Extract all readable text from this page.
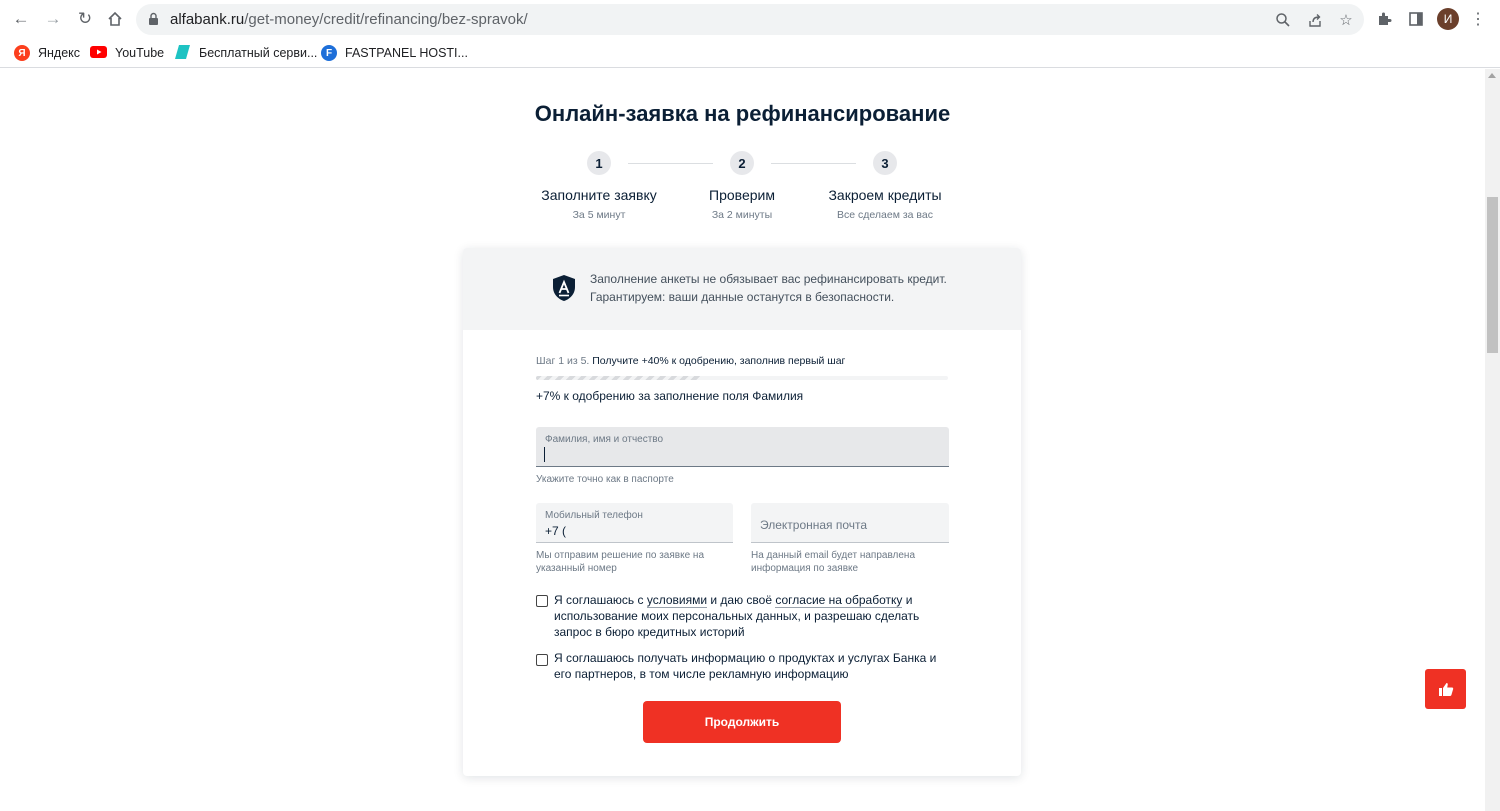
← → ↻	alfabank.ru/get-money/credit/refinancing/bez-spravok/	☆	И	⋮
Я Яндекс	YouTube	Бесплатный серви... F	FASTPANEL HOSTI...
Онлайн-заявка на рефинансирование
1
Заполните заявку
За 5 минут
2
Проверим
За 2 минуты
3
Закроем кредиты
Все сделаем за вас
Заполнение анкеты не обязывает вас рефинансировать кредит.
Гарантируем: ваши данные останутся в безопасности.
Шаг 1 из 5. Получите +40% к одобрению, заполнив первый шаг
+7% к одобрению за заполнение поля Фамилия
Фамилия, имя и отчество
Укажите точно как в паспорте
Мобильный телефон
+7 (
Мы отправим решение по заявке на указанный номер
Электронная почта
На данный email будет направлена информация по заявке
Я соглашаюсь с условиями и даю своё согласие на обработку и использование моих персональных данных, и разрешаю сделать запрос в бюро кредитных историй
Я соглашаюсь получать информацию о продуктах и услугах Банка и его партнеров, в том числе рекламную информацию
Продолжить
